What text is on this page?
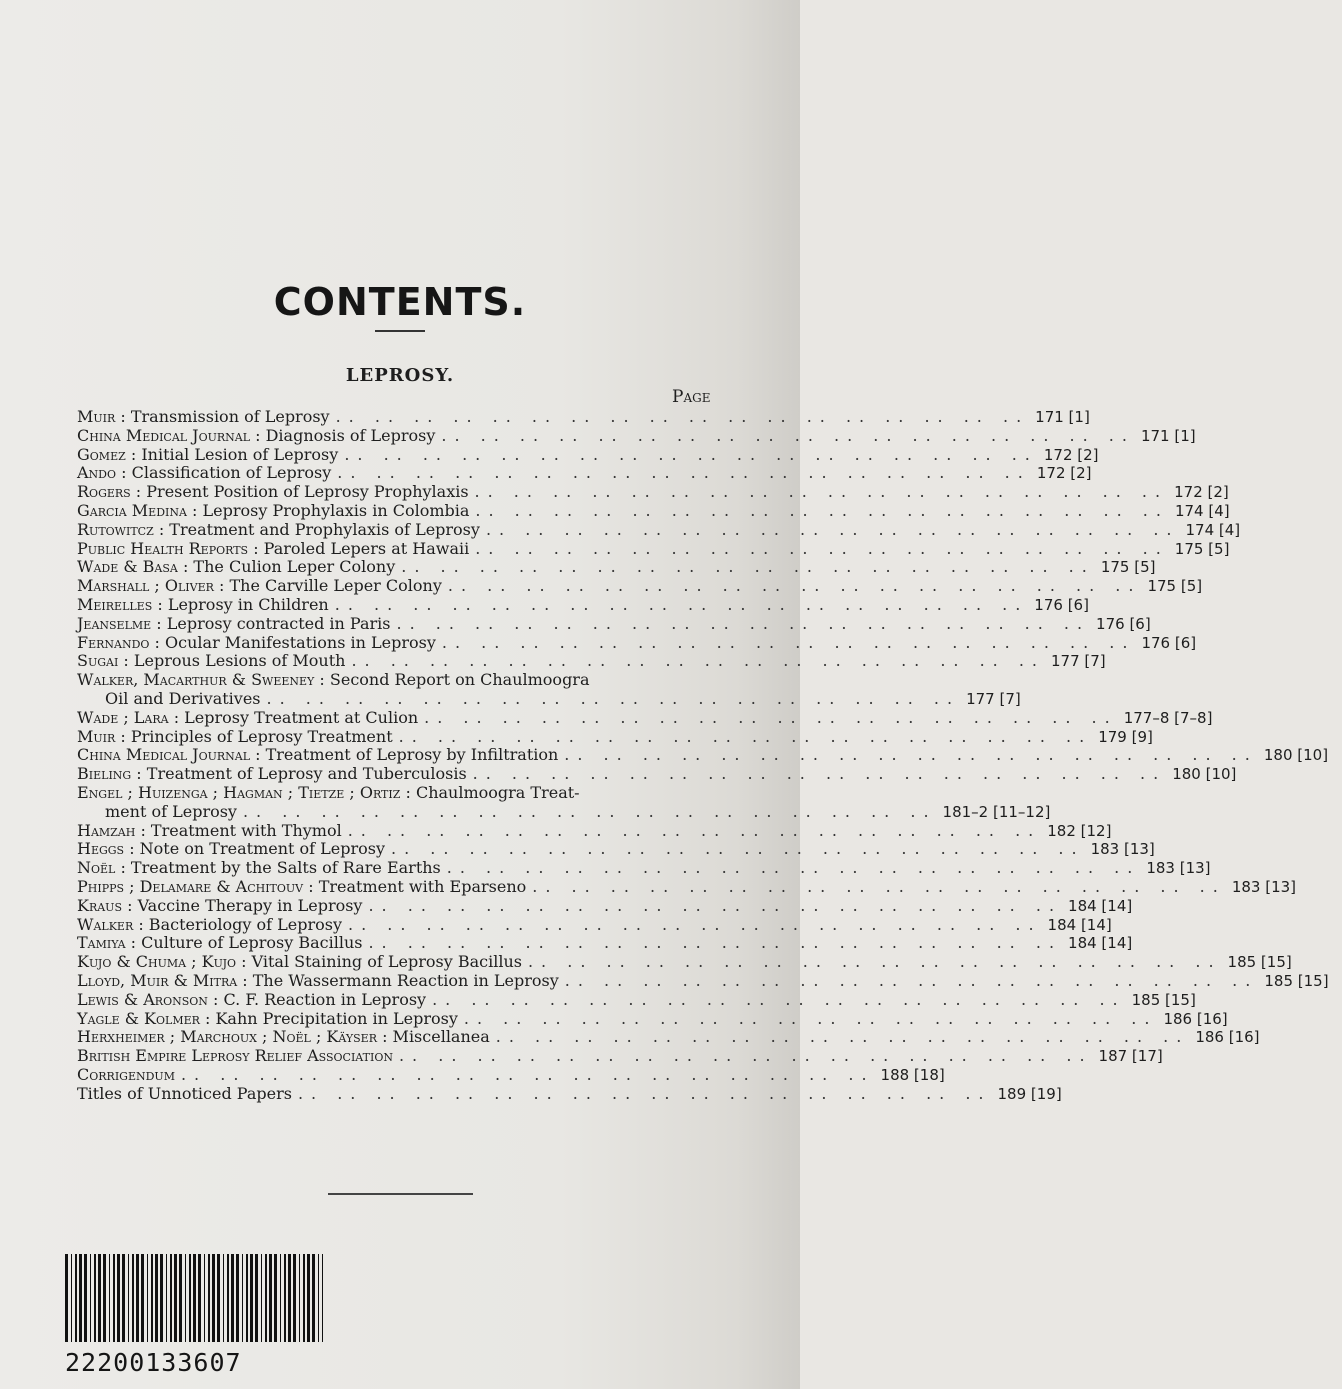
CONTENTS.
LEPROSY.
Page
Muir : Transmission of Leprosy .. .. .. .. .. .. .. .. .. .. .. .. .. .. .. .. .. .. 171 [1]
China Medical Journal : Diagnosis of Leprosy .. .. .. .. .. .. .. .. .. .. .. .. .. .. .. .. .. .. 171 [1]
Gomez : Initial Lesion of Leprosy .. .. .. .. .. .. .. .. .. .. .. .. .. .. .. .. .. .. 172 [2]
Ando : Classification of Leprosy .. .. .. .. .. .. .. .. .. .. .. .. .. .. .. .. .. .. 172 [2]
Rogers : Present Position of Leprosy Prophylaxis .. .. .. .. .. .. .. .. .. .. .. .. .. .. .. .. .. .. 172 [2]
Garcia Medina : Leprosy Prophylaxis in Colombia .. .. .. .. .. .. .. .. .. .. .. .. .. .. .. .. .. .. 174 [4]
Rutowitcz : Treatment and Prophylaxis of Leprosy .. .. .. .. .. .. .. .. .. .. .. .. .. .. .. .. .. .. 174 [4]
Public Health Reports : Paroled Lepers at Hawaii .. .. .. .. .. .. .. .. .. .. .. .. .. .. .. .. .. .. 175 [5]
Wade & Basa : The Culion Leper Colony .. .. .. .. .. .. .. .. .. .. .. .. .. .. .. .. .. .. 175 [5]
Marshall ; Oliver : The Carville Leper Colony .. .. .. .. .. .. .. .. .. .. .. .. .. .. .. .. .. .. 175 [5]
Meirelles : Leprosy in Children .. .. .. .. .. .. .. .. .. .. .. .. .. .. .. .. .. .. 176 [6]
Jeanselme : Leprosy contracted in Paris .. .. .. .. .. .. .. .. .. .. .. .. .. .. .. .. .. .. 176 [6]
Fernando : Ocular Manifestations in Leprosy .. .. .. .. .. .. .. .. .. .. .. .. .. .. .. .. .. .. 176 [6]
Sugai : Leprous Lesions of Mouth .. .. .. .. .. .. .. .. .. .. .. .. .. .. .. .. .. .. 177 [7]
Walker, Macarthur & Sweeney : Second Report on Chaulmoogra
Oil and Derivatives .. .. .. .. .. .. .. .. .. .. .. .. .. .. .. .. .. .. 177 [7]
Wade ; Lara : Leprosy Treatment at Culion .. .. .. .. .. .. .. .. .. .. .. .. .. .. .. .. .. .. 177–8 [7–8]
Muir : Principles of Leprosy Treatment .. .. .. .. .. .. .. .. .. .. .. .. .. .. .. .. .. .. 179 [9]
China Medical Journal : Treatment of Leprosy by Infiltration .. .. .. .. .. .. .. .. .. .. .. .. .. .. .. .. .. .. 180 [10]
Bieling : Treatment of Leprosy and Tuberculosis .. .. .. .. .. .. .. .. .. .. .. .. .. .. .. .. .. .. 180 [10]
Engel ; Huizenga ; Hagman ; Tietze ; Ortiz : Chaulmoogra Treat-
ment of Leprosy .. .. .. .. .. .. .. .. .. .. .. .. .. .. .. .. .. .. 181–2 [11–12]
Hamzah : Treatment with Thymol .. .. .. .. .. .. .. .. .. .. .. .. .. .. .. .. .. .. 182 [12]
Heggs : Note on Treatment of Leprosy .. .. .. .. .. .. .. .. .. .. .. .. .. .. .. .. .. .. 183 [13]
Noël : Treatment by the Salts of Rare Earths .. .. .. .. .. .. .. .. .. .. .. .. .. .. .. .. .. .. 183 [13]
Phipps ; Delamare & Achitouv : Treatment with Eparseno .. .. .. .. .. .. .. .. .. .. .. .. .. .. .. .. .. .. 183 [13]
Kraus : Vaccine Therapy in Leprosy .. .. .. .. .. .. .. .. .. .. .. .. .. .. .. .. .. .. 184 [14]
Walker : Bacteriology of Leprosy .. .. .. .. .. .. .. .. .. .. .. .. .. .. .. .. .. .. 184 [14]
Tamiya : Culture of Leprosy Bacillus .. .. .. .. .. .. .. .. .. .. .. .. .. .. .. .. .. .. 184 [14]
Kujo & Chuma ; Kujo : Vital Staining of Leprosy Bacillus .. .. .. .. .. .. .. .. .. .. .. .. .. .. .. .. .. .. 185 [15]
Lloyd, Muir & Mitra : The Wassermann Reaction in Leprosy .. .. .. .. .. .. .. .. .. .. .. .. .. .. .. .. .. .. 185 [15]
Lewis & Aronson : C. F. Reaction in Leprosy .. .. .. .. .. .. .. .. .. .. .. .. .. .. .. .. .. .. 185 [15]
Yagle & Kolmer : Kahn Precipitation in Leprosy .. .. .. .. .. .. .. .. .. .. .. .. .. .. .. .. .. .. 186 [16]
Herxheimer ; Marchoux ; Noël ; Käyser : Miscellanea .. .. .. .. .. .. .. .. .. .. .. .. .. .. .. .. .. .. 186 [16]
British Empire Leprosy Relief Association .. .. .. .. .. .. .. .. .. .. .. .. .. .. .. .. .. .. 187 [17]
Corrigendum .. .. .. .. .. .. .. .. .. .. .. .. .. .. .. .. .. .. 188 [18]
Titles of Unnoticed Papers .. .. .. .. .. .. .. .. .. .. .. .. .. .. .. .. .. .. 189 [19]
22200133607
